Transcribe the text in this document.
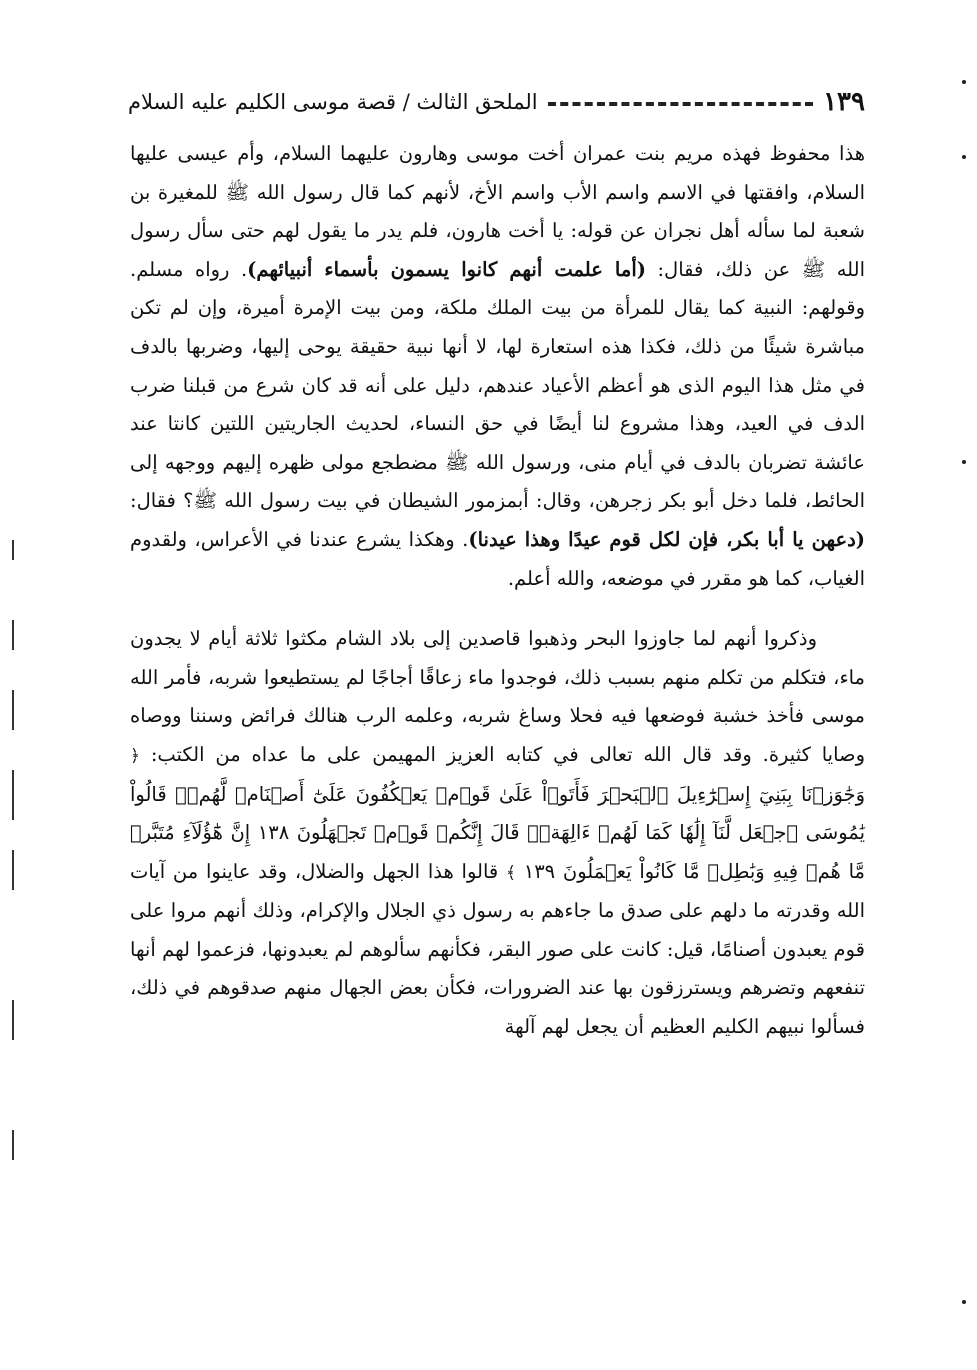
الملحق الثالث / قصة موسى الكليم عليه السلام	١٣٩

هذا محفوظ فهذه مريم بنت عمران أخت موسى وهارون عليهما السلام، وأم عيسى عليها السلام، وافقتها في الاسم واسم الأب واسم الأخ، لأنهم كما قال رسول الله ﷺ للمغيرة بن شعبة لما سأله أهل نجران عن قوله: يا أخت هارون، فلم يدر ما يقول لهم حتى سأل رسول الله ﷺ عن ذلك، فقال: (أما علمت أنهم كانوا يسمون بأسماء أنبيائهم). رواه مسلم. وقولهم: النبية كما يقال للمرأة من بيت الملك ملكة، ومن بيت الإمرة أميرة، وإن لم تكن مباشرة شيئًا من ذلك، فكذا هذه استعارة لها، لا أنها نبية حقيقة يوحى إليها، وضربها بالدف في مثل هذا اليوم الذى هو أعظم الأعياد عندهم، دليل على أنه قد كان شرع من قبلنا ضرب الدف في العيد، وهذا مشروع لنا أيضًا في حق النساء، لحديث الجاريتين اللتين كانتا عند عائشة تضربان بالدف في أيام منى، ورسول الله ﷺ مضطجع مولى ظهره إليهم ووجهه إلى الحائط، فلما دخل أبو بكر زجرهن، وقال: أبمزمور الشيطان في بيت رسول الله ﷺ؟ فقال: (دعهن يا أبا بكر، فإن لكل قوم عيدًا وهذا عيدنا). وهكذا يشرع عندنا في الأعراس، ولقدوم الغياب، كما هو مقرر في موضعه، والله أعلم.

وذكروا أنهم لما جاوزوا البحر وذهبوا قاصدين إلى بلاد الشام مكثوا ثلاثة أيام لا يجدون ماء، فتكلم من تكلم منهم بسبب ذلك، فوجدوا ماء زعاقًا أجاجًا لم يستطيعوا شربه، فأمر الله موسى فأخذ خشبة فوضعها فيه فحلا وساغ شربه، وعلمه الرب هنالك فرائض وسننا ووصاه وصايا كثيرة. وقد قال الله تعالى في كتابه العزيز المهيمن على ما عداه من الكتب: ﴿ وَجَٰوَزۡنَا بِبَنِيٓ إِسۡرَٰٓءِيلَ ٱلۡبَحۡرَ فَأَتَوۡاْ عَلَىٰ قَوۡمٖ يَعۡكُفُونَ عَلَىٰٓ أَصۡنَامٖ لَّهُمۡۚ قَالُواْ يَٰمُوسَى ٱجۡعَل لَّنَآ إِلَٰهٗا كَمَا لَهُمۡ ءَالِهَةٞۚ قَالَ إِنَّكُمۡ قَوۡمٞ تَجۡهَلُونَ ١٣٨ إِنَّ هَٰٓؤُلَآءِ مُتَبَّرٞ مَّا هُمۡ فِيهِ وَبَٰطِلٞ مَّا كَانُواْ يَعۡمَلُونَ ١٣٩ ﴾ قالوا هذا الجهل والضلال، وقد عاينوا من آيات الله وقدرته ما دلهم على صدق ما جاءهم به رسول ذي الجلال والإكرام، وذلك أنهم مروا على قوم يعبدون أصنامًا، قيل: كانت على صور البقر، فكأنهم سألوهم لم يعبدونها، فزعموا لهم أنها تنفعهم وتضرهم ويسترزقون بها عند الضرورات، فكأن بعض الجهال منهم صدقوهم في ذلك، فسألوا نبيهم الكليم العظيم أن يجعل لهم آلهة
